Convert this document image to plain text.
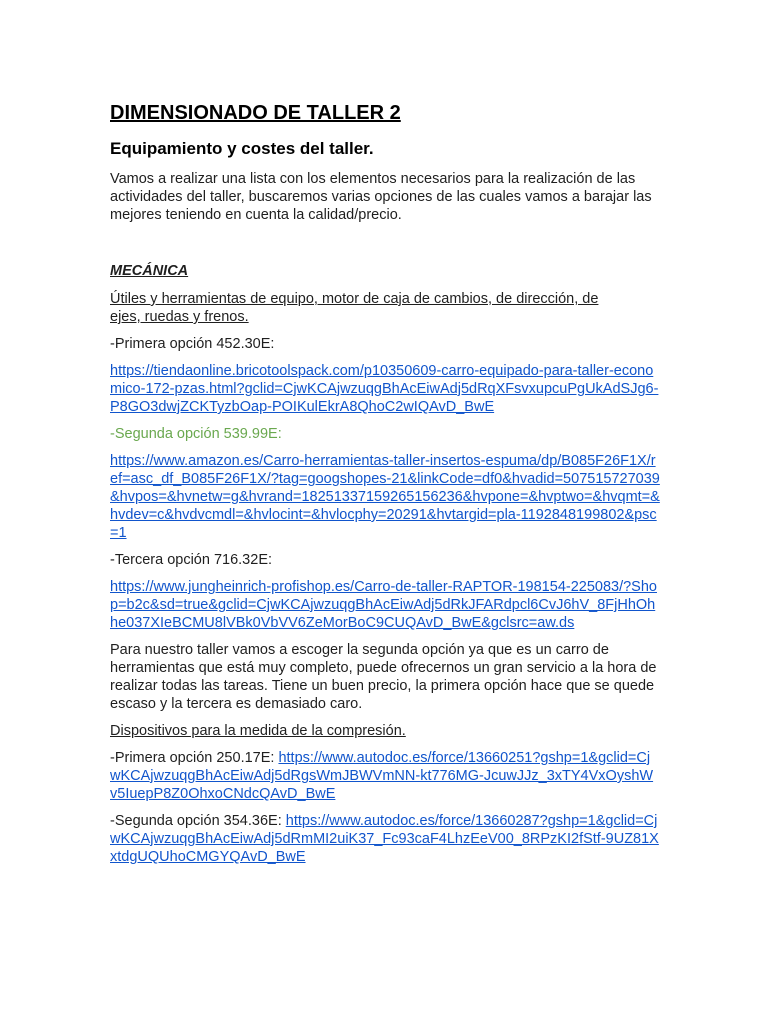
DIMENSIONADO DE TALLER 2
Equipamiento y costes del taller.

Vamos a realizar una lista con los elementos necesarios para la realización de las actividades del taller, buscaremos varias opciones de las cuales vamos a barajar las mejores teniendo en cuenta la calidad/precio.

MECÁNICA

Útiles y herramientas de equipo, motor de caja de cambios, de dirección, de
ejes, ruedas y frenos.

-Primera opción 452.30E:

https://tiendaonline.bricotoolspack.com/p10350609-carro-equipado-para-taller-economico-172-pzas.html?gclid=CjwKCAjwzuqgBhAcEiwAdj5dRqXFsvxupcuPgUkAdSJg6-P8GO3dwjZCKTyzbOap-POIKulEkrA8QhoC2wIQAvD_BwE

-Segunda opción 539.99E:

https://www.amazon.es/Carro-herramientas-taller-insertos-espuma/dp/B085F26F1X/ref=asc_df_B085F26F1X/?tag=googshopes-21&linkCode=df0&hvadid=507515727039&hvpos=&hvnetw=g&hvrand=18251337159265156236&hvpone=&hvptwo=&hvqmt=&hvdev=c&hvdvcmdl=&hvlocint=&hvlocphy=20291&hvtargid=pla-1192848199802&psc=1

-Tercera opción 716.32E:

https://www.jungheinrich-profishop.es/Carro-de-taller-RAPTOR-198154-225083/?Shop=b2c&sd=true&gclid=CjwKCAjwzuqgBhAcEiwAdj5dRkJFARdpcl6CvJ6hV_8FjHhOhhe037XIeBCMU8lVBk0VbVV6ZeMorBoC9CUQAvD_BwE&gclsrc=aw.ds

Para nuestro taller vamos a escoger la segunda opción ya que es un carro de herramientas que está muy completo, puede ofrecernos un gran servicio a la hora de realizar todas las tareas. Tiene un buen precio, la primera opción hace que se quede escaso y la tercera es demasiado caro.

Dispositivos para la medida de la compresión.

-Primera opción 250.17E: https://www.autodoc.es/force/13660251?gshp=1&gclid=CjwKCAjwzuqgBhAcEiwAdj5dRgsWmJBWVmNN-kt776MG-JcuwJJz_3xTY4VxOyshWv5IuepP8Z0OhxoCNdcQAvD_BwE

-Segunda opción 354.36E: https://www.autodoc.es/force/13660287?gshp=1&gclid=CjwKCAjwzuqgBhAcEiwAdj5dRmMI2uiK37_Fc93caF4LhzEeV00_8RPzKI2fStf-9UZ81XxtdgUQUhoCMGYQAvD_BwE
